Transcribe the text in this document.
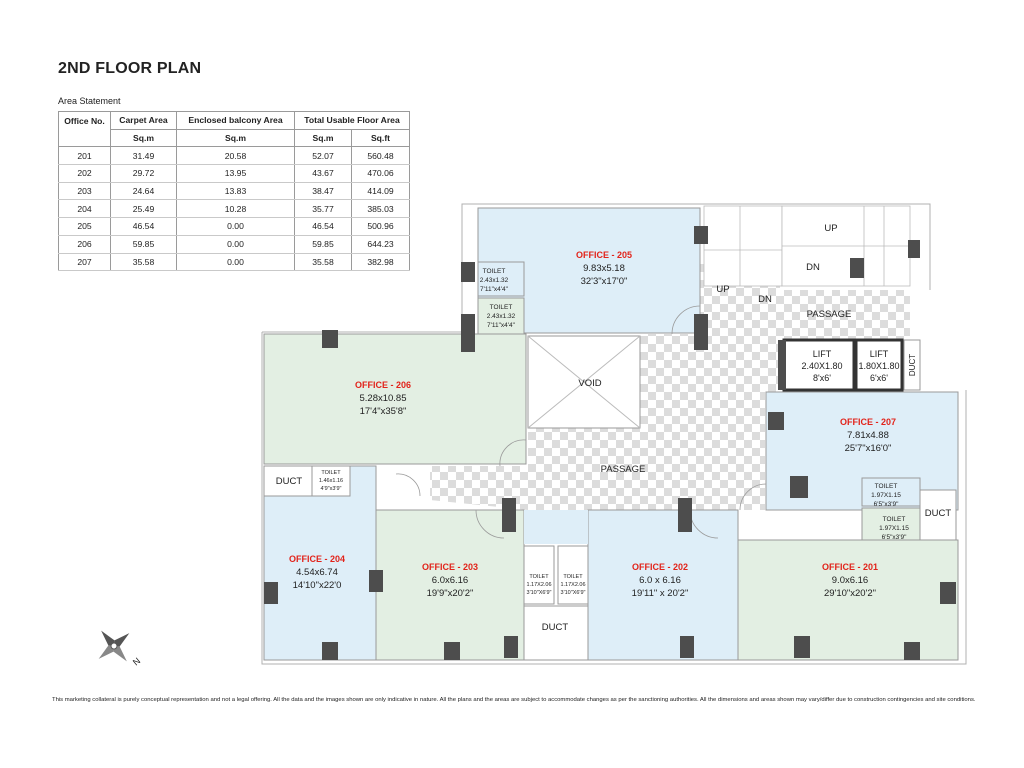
2ND FLOOR PLAN
Area Statement
Office No.	Carpet Area	Enclosed balcony Area	Total Usable Floor Area	
	Sq.m	Sq.m	Sq.m	Sq.ft
201	31.49	20.58	52.07	560.48
202	29.72	13.95	43.67	470.06
203	24.64	13.83	38.47	414.09
204	25.49	10.28	35.77	385.03
205	46.54	0.00	46.54	500.96
206	59.85	0.00	59.85	644.23
207	35.58	0.00	35.58	382.98
OFFICE - 205
9.83x5.18
32'3"x17'0"
OFFICE - 206
5.28x10.85
17'4"x35'8"
OFFICE - 207
7.81x4.88
25'7"x16'0"
OFFICE - 204
4.54x6.74
14'10"x22'0
OFFICE - 203
6.0x6.16
19'9"x20'2"
OFFICE - 202
6.0 x 6.16
19'11" x 20'2"
OFFICE - 201
9.0x6.16
29'10"x20'2"
TOILET
2.43x1.32
7'11"x4'4"
TOILET
2.43x1.32
7'11"x4'4"
TOILET
1.46x1.16
4'9"x3'9"	TOILET
1.97X1.15
6'5"x3'9"
TOILET
1.97X1.15
6'5"x3'9"
TOILET
1.17X2.06
3'10"X6'9"
TOILET
1.17X2.06
3'10"X6'9"
LIFT
2.40X1.80
8'x6'
LIFT
1.80X1.80
6'x6'
VOID
PASSAGE
PASSAGE
DUCT
DUCT
DUCT
DUCT
UP
DN
UP
DN
N
This marketing collateral is purely conceptual representation and not a legal offering. All the data and the images shown are only indicative in nature. All the plans and the areas are subject to accommodate changes as per the sanctioning authorities. All the dimensions and areas shown may vary/differ due to construction contingencies and site conditions.
